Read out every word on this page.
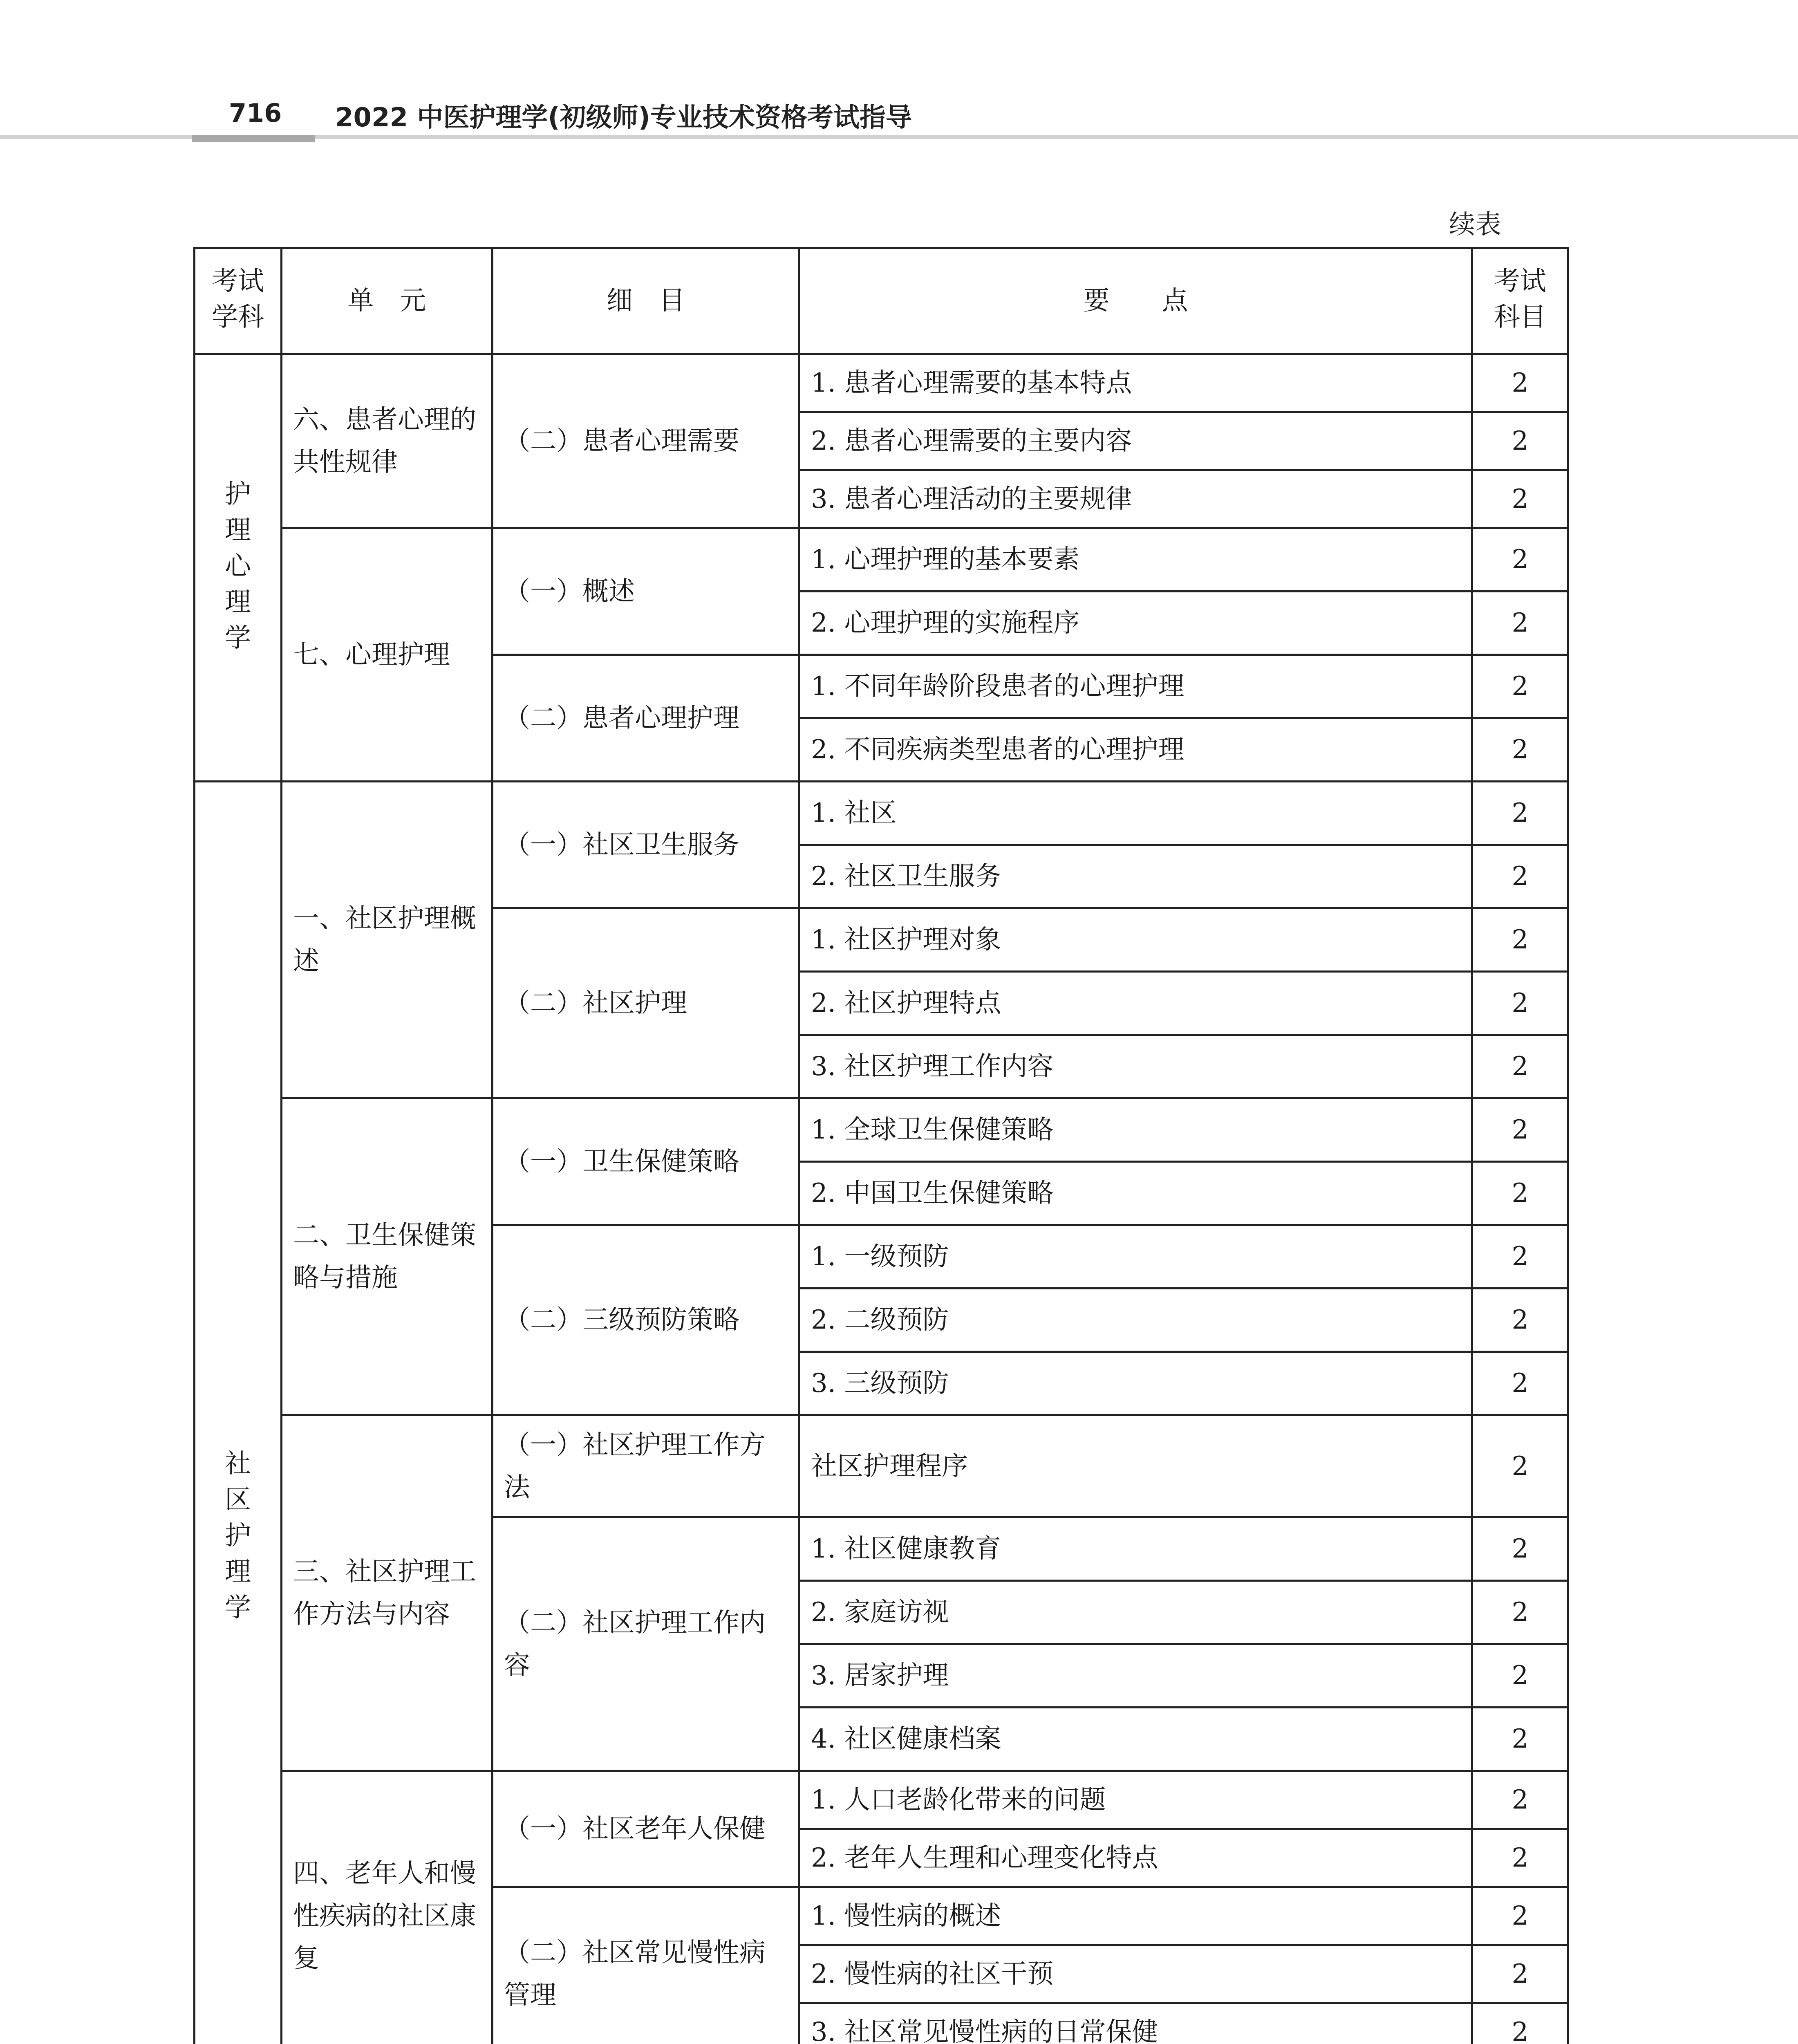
716 2022 中医护理学(初级师)专业技术资格考试指导
续表
考试学科	单　元	细　目	要　　点	考试科目
护理心理学	六、患者心理的共性规律	（二）患者心理需要	1. 患者心理需要的基本特点	2
			2. 患者心理需要的主要内容	2
			3. 患者心理活动的主要规律	2
	七、心理护理	（一）概述	1. 心理护理的基本要素	2
			2. 心理护理的实施程序	2
		（二）患者心理护理	1. 不同年龄阶段患者的心理护理	2
			2. 不同疾病类型患者的心理护理	2
社区护理学	一、社区护理概述	（一）社区卫生服务	1. 社区	2
			2. 社区卫生服务	2
		（二）社区护理	1. 社区护理对象	2
			2. 社区护理特点	2
			3. 社区护理工作内容	2
	二、卫生保健策略与措施	（一）卫生保健策略	1. 全球卫生保健策略	2
			2. 中国卫生保健策略	2
		（二）三级预防策略	1. 一级预防	2
			2. 二级预防	2
			3. 三级预防	2
	三、社区护理工作方法与内容	（一）社区护理工作方法	社区护理程序	2
		（二）社区护理工作内容	1. 社区健康教育	2
			2. 家庭访视	2
			3. 居家护理	2
			4. 社区健康档案	2
	四、老年人和慢性疾病的社区康复	（一）社区老年人保健	1. 人口老龄化带来的问题	2
			2. 老年人生理和心理变化特点	2
		（二）社区常见慢性病管理	1. 慢性病的概述	2
			2. 慢性病的社区干预	2
			3. 社区常见慢性病的日常保健	2
